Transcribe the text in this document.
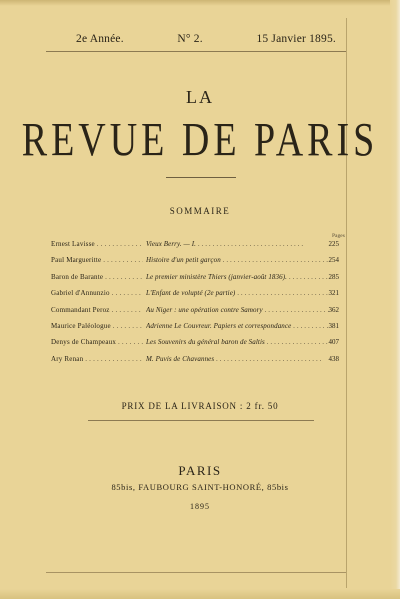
2e Année.	N° 2.	15 Janvier 1895.
LA
REVUE DE PARIS
SOMMAIRE
Pages
Ernest Lavisse . . .	Vieux Berry. — I. . . .	225
Paul Margueritte . . .	Histoire d'un petit garçon . . .	254
Baron de Barante . . .	Le premier ministère Thiers (janvier-août 1836). . . .	285
Gabriel d'Annunzio . . .	L'Enfant de volupté (2e partie) . . .	321
Commandant Peroz . . .	Au Niger : une opération contre Samory . . .	362
Maurice Paléologue . . .	Adrienne Le Couvreur. Papiers et correspondance . . .	381
Denys de Champeaux . . .	Les Souvenirs du général baron de Saltis . . .	407
Ary Renan . . .	M. Puvis de Chavannes . . .	438
PRIX DE LA LIVRAISON : 2 fr. 50
PARIS
85bis, FAUBOURG SAINT-HONORÉ, 85bis
1895
